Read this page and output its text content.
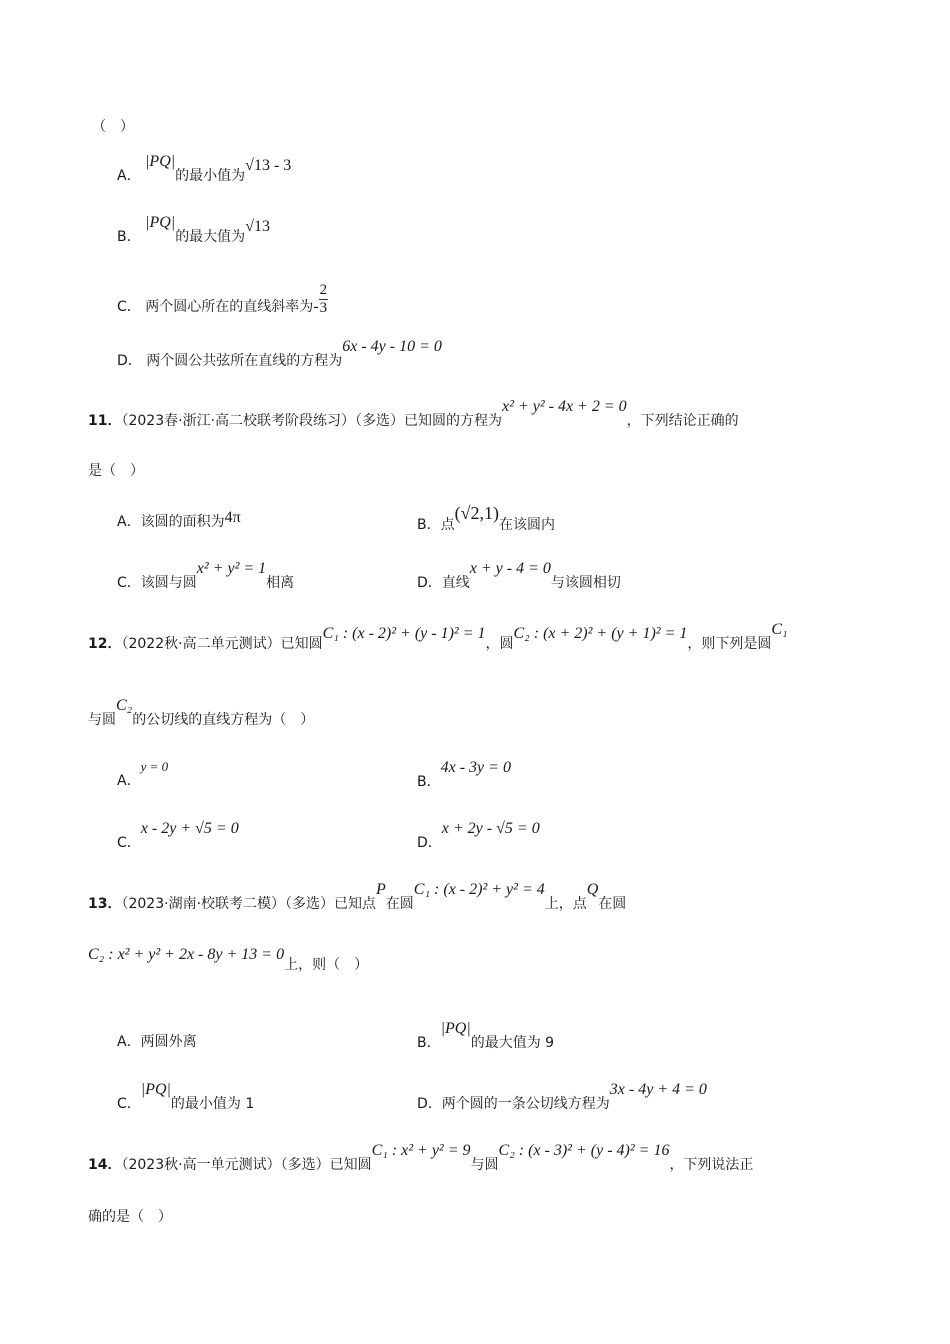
（　）
A． |PQ|的最小值为√13 - 3
B． |PQ|的最大值为√13
C． 两个圆心所在的直线斜率为- $\frac{2}{3}$
D． 两个圆公共弦所在直线的方程为6x - 4y - 10 = 0
11．（2023春·浙江·高二校联考阶段练习）（多选）已知圆的方程为x² + y² - 4x + 2 = 0，下列结论正确的
是（　）
A．该圆的面积为4π	B．点(√2,1)在该圆内
C．该圆与圆x² + y² = 1相离	D．直线x + y - 4 = 0与该圆相切
12．（2022秋·高二单元测试）已知圆C₁ : (x - 2)² + (y - 1)² = 1，圆C₂ : (x + 2)² + (y + 1)² = 1，则下列是圆C₁
与圆C₂的公切线的直线方程为（　）
A．y = 0
B．4x - 3y = 0
C．x - 2y + √5 = 0
D．x + 2y - √5 = 0
13．（2023·湖南·校联考二模）（多选）已知点P在圆C₁ : (x - 2)² + y² = 4上，点Q在圆
C₂ : x² + y² + 2x - 8y + 13 = 0上，则（　）
A．两圆外离	B．|PQ|的最大值为 9
C．|PQ|的最小值为 1	D．两个圆的一条公切线方程为3x - 4y + 4 = 0
14．（2023秋·高一单元测试）（多选）已知圆C₁ : x² + y² = 9与圆C₂ : (x - 3)² + (y - 4)² = 16，下列说法正
确的是（　）
